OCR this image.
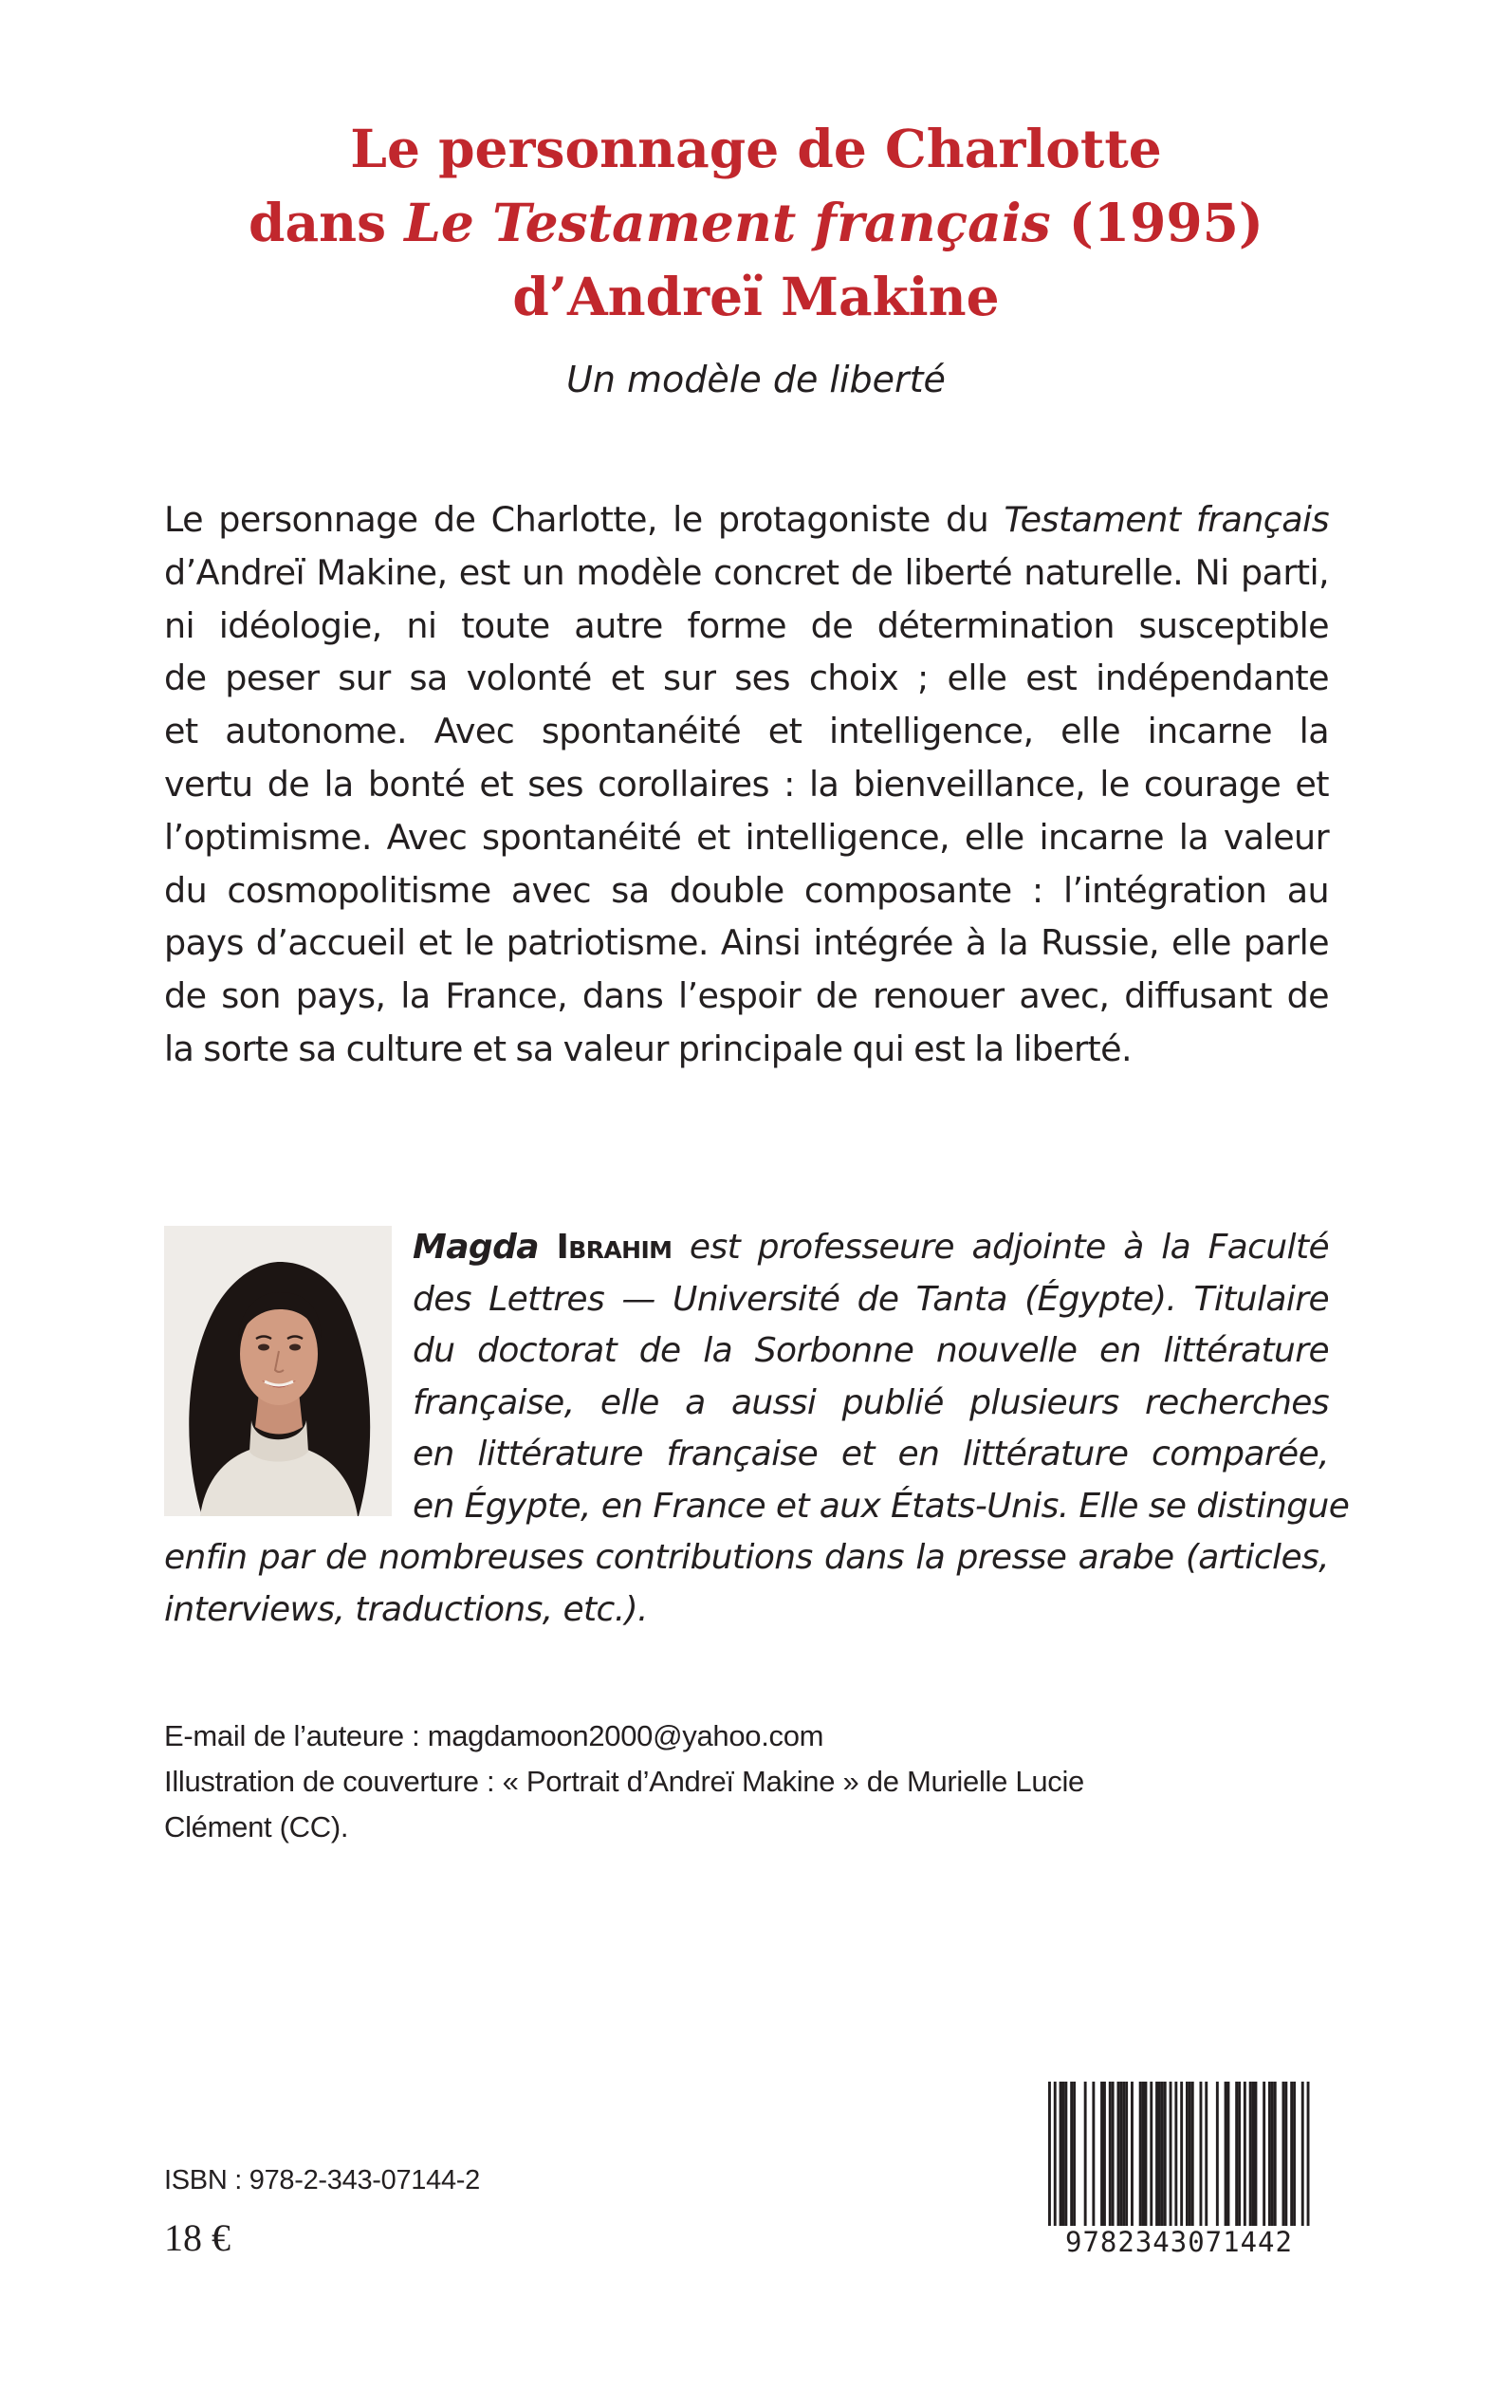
Le personnage de Charlotte
dans Le Testament français (1995)
d’Andreï Makine
Un modèle de liberté
Le personnage de Charlotte, le protagoniste du Testament français
d’Andreï Makine, est un modèle concret de liberté naturelle. Ni parti,
ni idéologie, ni toute autre forme de détermination susceptible
de peser sur sa volonté et sur ses choix ; elle est indépendante
et autonome. Avec spontanéité et intelligence, elle incarne la
vertu de la bonté et ses corollaires : la bienveillance, le courage et
l’optimisme. Avec spontanéité et intelligence, elle incarne la valeur
du cosmopolitisme avec sa double composante : l’intégration au
pays d’accueil et le patriotisme. Ainsi intégrée à la Russie, elle parle
de son pays, la France, dans l’espoir de renouer avec, diffusant de
la sorte sa culture et sa valeur principale qui est la liberté.
Magda Ibrahim est professeure adjointe à la Faculté
des Lettres — Université de Tanta (Égypte). Titulaire
du doctorat de la Sorbonne nouvelle en littérature
française, elle a aussi publié plusieurs recherches
en littérature française et en littérature comparée,
en Égypte, en France et aux États-Unis. Elle se distingue
enfin par de nombreuses contributions dans la presse arabe (articles,
interviews, traductions, etc.).
E-mail de l’auteure : magdamoon2000@yahoo.com
Illustration de couverture : « Portrait d’Andreï Makine » de Murielle Lucie
Clément (CC).
ISBN : 978-2-343-07144-2
18 €	9782343071442
